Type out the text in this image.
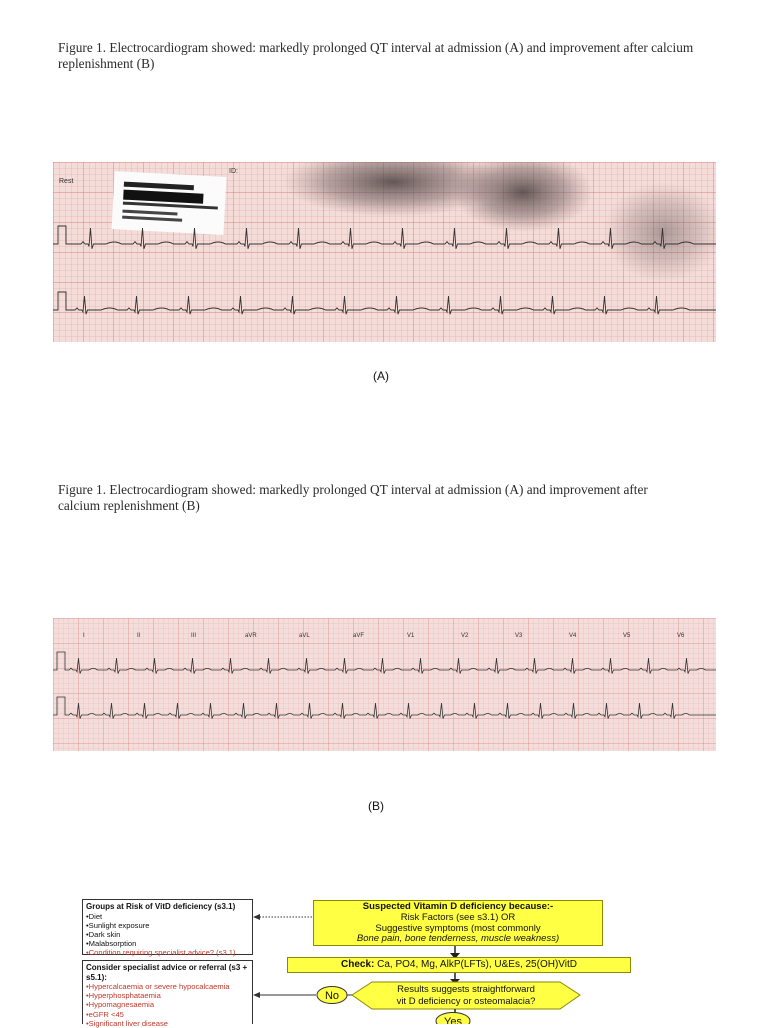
Figure 1. Electrocardiogram showed: markedly prolonged QT interval at admission (A) and improvement after calcium replenishment (B)
ID:
Rest
(A)
Figure 1. Electrocardiogram showed: markedly prolonged QT interval at admission (A) and improvement after calcium replenishment (B)
I	II	III	aVR	aVL	aVF	V1	V2	V3	V4	V5	V6
(B)
No
Yes
Results suggests straightforward
vit D deficiency or osteomalacia?
Groups at Risk of VitD deficiency (s3.1)
•Diet
•Sunlight exposure
•Dark skin
•Malabsorption
•Condition requiring specialist advice? (s3.1)
Consider specialist advice or referral (s3 + s5.1):
•Hypercalcaemia or severe hypocalcaemia
•Hyperphosphataemia
•Hypomagnesaemia
•eGFR <45
•Significant liver disease
Suspected Vitamin D deficiency because:-
Risk Factors (see s3.1) OR
Suggestive symptoms (most commonly
Bone pain, bone tenderness, muscle weakness)
Check: Ca, PO4, Mg, AlkP(LFTs), U&Es, 25(OH)VitD
